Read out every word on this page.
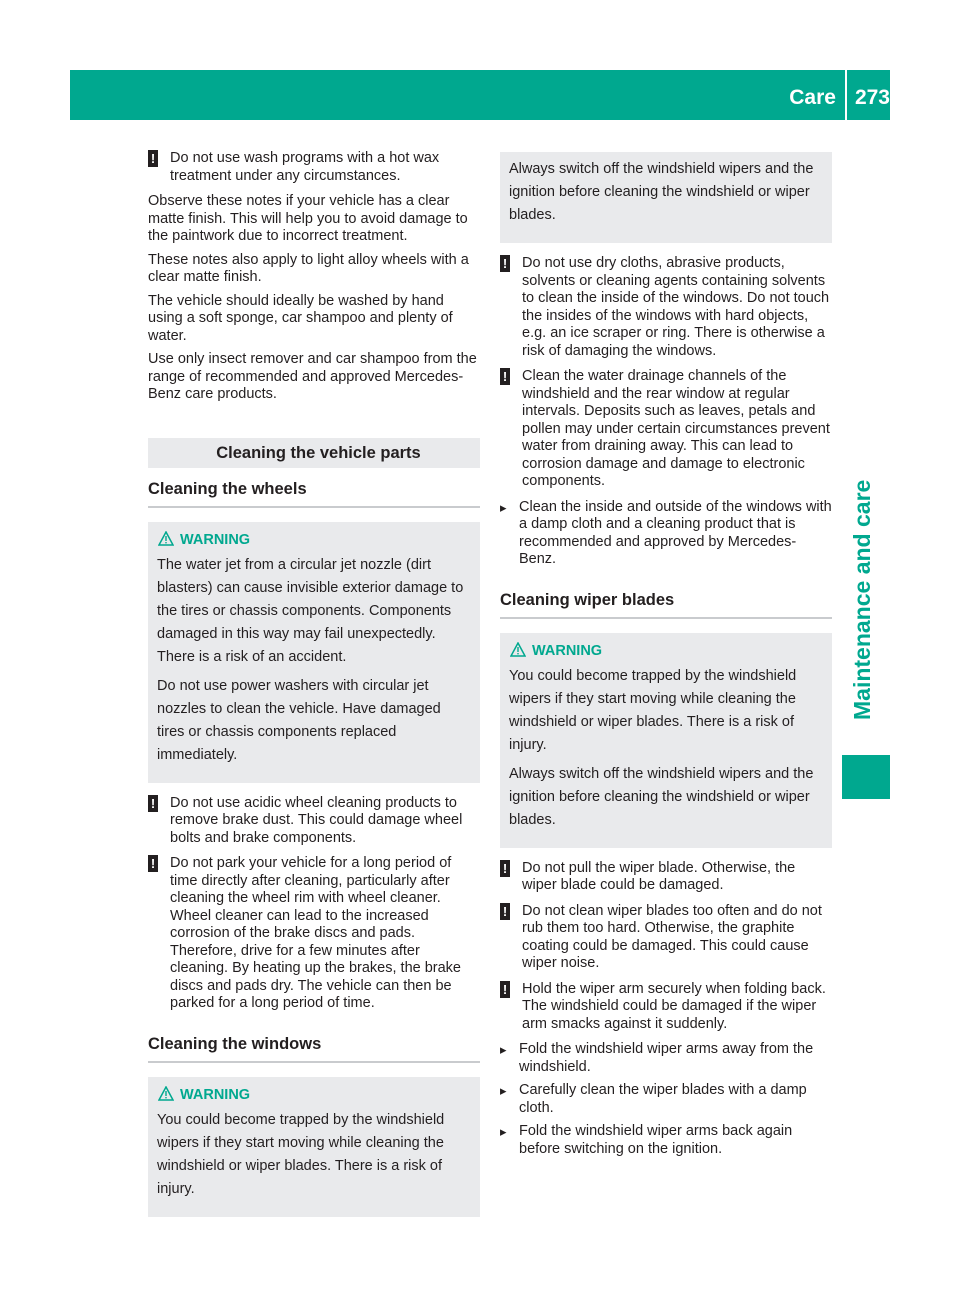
Care 273
Maintenance and care
! Do not use wash programs with a hot wax treatment under any circumstances.

Observe these notes if your vehicle has a clear matte finish. This will help you to avoid damage to the paintwork due to incorrect treatment.

These notes also apply to light alloy wheels with a clear matte finish.

The vehicle should ideally be washed by hand using a soft sponge, car shampoo and plenty of water.

Use only insect remover and car shampoo from the range of recommended and approved Mercedes-Benz care products.

Cleaning the vehicle parts
Cleaning the wheels
WARNING

The water jet from a circular jet nozzle (dirt blasters) can cause invisible exterior damage to the tires or chassis components. Components damaged in this way may fail unexpectedly. There is a risk of an accident.

Do not use power washers with circular jet nozzles to clean the vehicle. Have damaged tires or chassis components replaced immediately.

! Do not use acidic wheel cleaning products to remove brake dust. This could damage wheel bolts and brake components.
! Do not park your vehicle for a long period of time directly after cleaning, particularly after cleaning the wheel rim with wheel cleaner. Wheel cleaner can lead to the increased corrosion of the brake discs and pads. Therefore, drive for a few minutes after cleaning. By heating up the brakes, the brake discs and pads dry. The vehicle can then be parked for a long period of time.
Cleaning the windows
WARNING

You could become trapped by the windshield wipers if they start moving while cleaning the windshield or wiper blades. There is a risk of injury.

Always switch off the windshield wipers and the ignition before cleaning the windshield or wiper blades.

! Do not use dry cloths, abrasive products, solvents or cleaning agents containing solvents to clean the inside of the windows. Do not touch the insides of the windows with hard objects, e.g. an ice scraper or ring. There is otherwise a risk of damaging the windows.
! Clean the water drainage channels of the windshield and the rear window at regular intervals. Deposits such as leaves, petals and pollen may under certain circumstances prevent water from draining away. This can lead to corrosion damage and damage to electronic components.
▸ Clean the inside and outside of the windows with a damp cloth and a cleaning product that is recommended and approved by Mercedes-Benz.
Cleaning wiper blades
WARNING

You could become trapped by the windshield wipers if they start moving while cleaning the windshield or wiper blades. There is a risk of injury.

Always switch off the windshield wipers and the ignition before cleaning the windshield or wiper blades.

! Do not pull the wiper blade. Otherwise, the wiper blade could be damaged.
! Do not clean wiper blades too often and do not rub them too hard. Otherwise, the graphite coating could be damaged. This could cause wiper noise.
! Hold the wiper arm securely when folding back. The windshield could be damaged if the wiper arm smacks against it suddenly.
▸ Fold the windshield wiper arms away from the windshield.
▸ Carefully clean the wiper blades with a damp cloth.
▸ Fold the windshield wiper arms back again before switching on the ignition.
